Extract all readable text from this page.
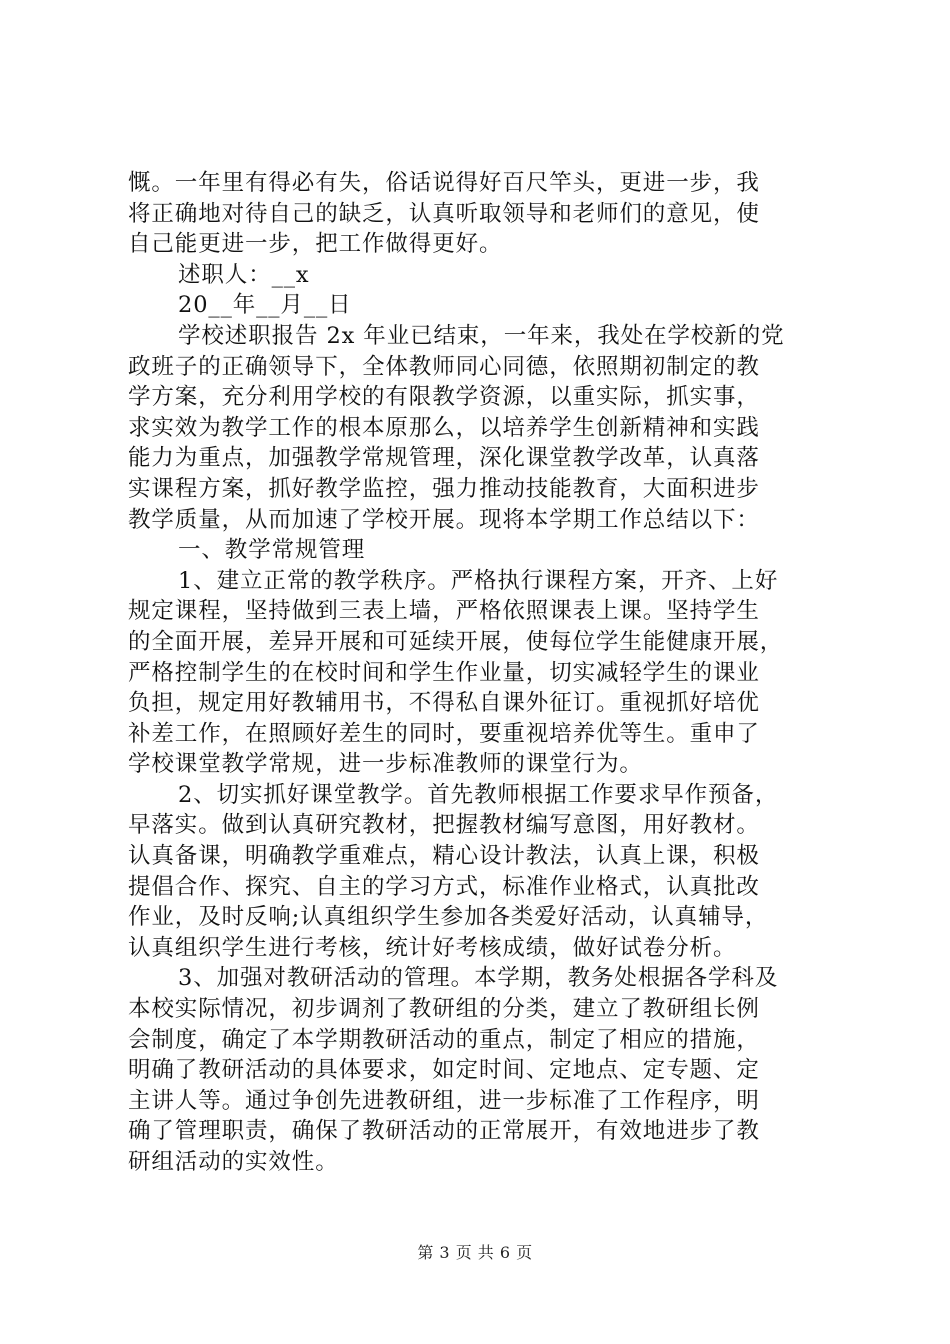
慨。一年里有得必有失，俗话说得好百尺竿头，更进一步，我
将正确地对待自己的缺乏，认真听取领导和老师们的意见，使
自己能更进一步，把工作做得更好。
述职人：__x
20__年__月__日
学校述职报告 2x 年业已结束，一年来，我处在学校新的党
政班子的正确领导下，全体教师同心同德，依照期初制定的教
学方案，充分利用学校的有限教学资源，以重实际，抓实事，
求实效为教学工作的根本原那么，以培养学生创新精神和实践
能力为重点，加强教学常规管理，深化课堂教学改革，认真落
实课程方案，抓好教学监控，强力推动技能教育，大面积进步
教学质量，从而加速了学校开展。现将本学期工作总结以下：
一、教学常规管理
1、建立正常的教学秩序。严格执行课程方案，开齐、上好
规定课程，坚持做到三表上墙，严格依照课表上课。坚持学生
的全面开展，差异开展和可延续开展，使每位学生能健康开展，
严格控制学生的在校时间和学生作业量，切实减轻学生的课业
负担，规定用好教辅用书，不得私自课外征订。重视抓好培优
补差工作，在照顾好差生的同时，要重视培养优等生。重申了
学校课堂教学常规，进一步标准教师的课堂行为。
2、切实抓好课堂教学。首先教师根据工作要求早作预备，
早落实。做到认真研究教材，把握教材编写意图，用好教材。
认真备课，明确教学重难点，精心设计教法，认真上课，积极
提倡合作、探究、自主的学习方式，标准作业格式，认真批改
作业，及时反响;认真组织学生参加各类爱好活动，认真辅导，
认真组织学生进行考核，统计好考核成绩，做好试卷分析。
3、加强对教研活动的管理。本学期，教务处根据各学科及
本校实际情况，初步调剂了教研组的分类，建立了教研组长例
会制度，确定了本学期教研活动的重点，制定了相应的措施，
明确了教研活动的具体要求，如定时间、定地点、定专题、定
主讲人等。通过争创先进教研组，进一步标准了工作程序，明
确了管理职责，确保了教研活动的正常展开，有效地进步了教
研组活动的实效性。
第 3 页 共 6 页
